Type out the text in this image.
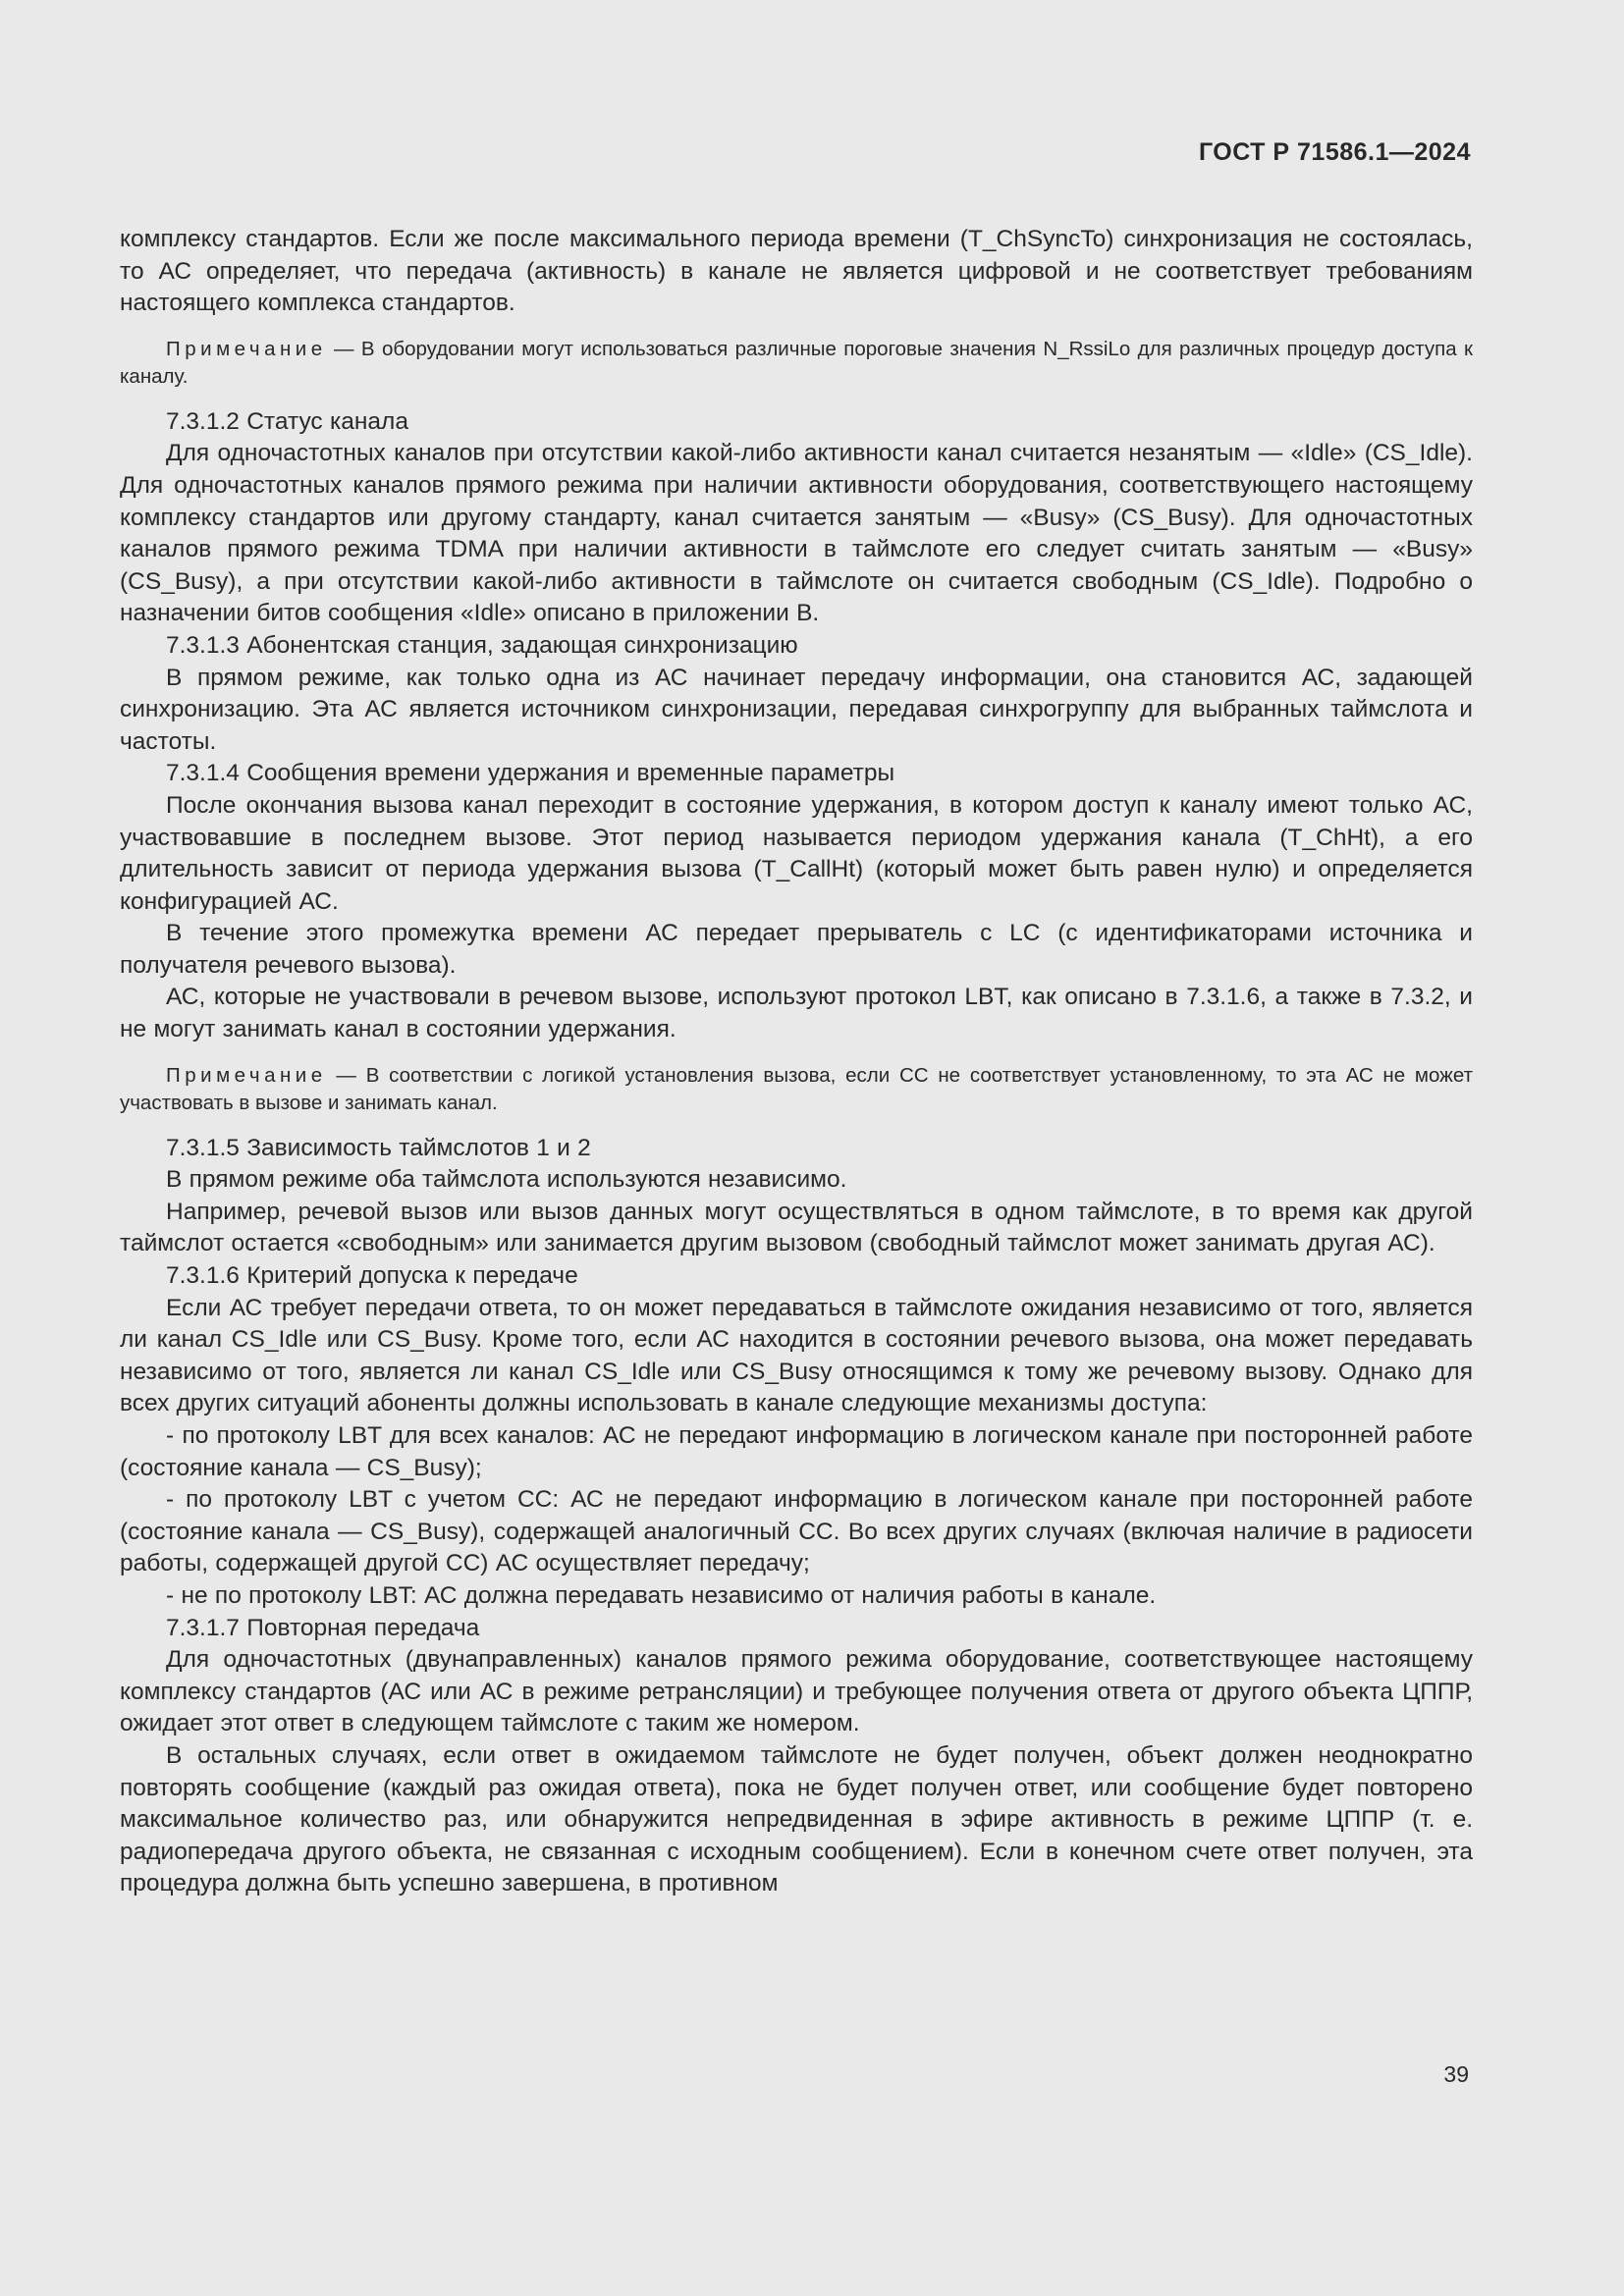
ГОСТ Р 71586.1—2024

комплексу стандартов. Если же после максимального периода времени (T_ChSyncTo) синхронизация не состоялась, то АС определяет, что передача (активность) в канале не является цифровой и не соответствует требованиям настоящего комплекса стандартов.

Примечание — В оборудовании могут использоваться различные пороговые значения N_RssiLo для различных процедур доступа к каналу.

7.3.1.2 Статус канала

Для одночастотных каналов при отсутствии какой-либо активности канал считается незанятым — «Idle» (CS_Idle). Для одночастотных каналов прямого режима при наличии активности оборудования, соответствующего настоящему комплексу стандартов или другому стандарту, канал считается занятым — «Busy» (CS_Busy). Для одночастотных каналов прямого режима TDMA при наличии активности в таймслоте его следует считать занятым — «Busy» (CS_Busy), а при отсутствии какой-либо активности в таймслоте он считается свободным (CS_Idle). Подробно о назначении битов сообщения «Idle» описано в приложении В.

7.3.1.3 Абонентская станция, задающая синхронизацию

В прямом режиме, как только одна из АС начинает передачу информации, она становится АС, задающей синхронизацию. Эта АС является источником синхронизации, передавая синхрогруппу для выбранных таймслота и частоты.

7.3.1.4 Сообщения времени удержания и временные параметры

После окончания вызова канал переходит в состояние удержания, в котором доступ к каналу имеют только АС, участвовавшие в последнем вызове. Этот период называется периодом удержания канала (T_ChHt), а его длительность зависит от периода удержания вызова (T_CallHt) (который может быть равен нулю) и определяется конфигурацией АС.

В течение этого промежутка времени АС передает прерыватель с LC (с идентификаторами источника и получателя речевого вызова).

АС, которые не участвовали в речевом вызове, используют протокол LBT, как описано в 7.3.1.6, а также в 7.3.2, и не могут занимать канал в состоянии удержания.

Примечание — В соответствии с логикой установления вызова, если СС не соответствует установленному, то эта АС не может участвовать в вызове и занимать канал.

7.3.1.5 Зависимость таймслотов 1 и 2

В прямом режиме оба таймслота используются независимо.

Например, речевой вызов или вызов данных могут осуществляться в одном таймслоте, в то время как другой таймслот остается «свободным» или занимается другим вызовом (свободный таймслот может занимать другая АС).

7.3.1.6 Критерий допуска к передаче

Если АС требует передачи ответа, то он может передаваться в таймслоте ожидания независимо от того, является ли канал CS_Idle или CS_Busy. Кроме того, если АС находится в состоянии речевого вызова, она может передавать независимо от того, является ли канал CS_Idle или CS_Busy относящимся к тому же речевому вызову. Однако для всех других ситуаций абоненты должны использовать в канале следующие механизмы доступа:

- по протоколу LBT для всех каналов: АС не передают информацию в логическом канале при посторонней работе (состояние канала — CS_Busy);

- по протоколу LBT с учетом СС: АС не передают информацию в логическом канале при посторонней работе (состояние канала — CS_Busy), содержащей аналогичный СС. Во всех других случаях (включая наличие в радиосети работы, содержащей другой СС) АС осуществляет передачу;

- не по протоколу LBT: АС должна передавать независимо от наличия работы в канале.

7.3.1.7 Повторная передача

Для одночастотных (двунаправленных) каналов прямого режима оборудование, соответствующее настоящему комплексу стандартов (АС или АС в режиме ретрансляции) и требующее получения ответа от другого объекта ЦППР, ожидает этот ответ в следующем таймслоте с таким же номером.

В остальных случаях, если ответ в ожидаемом таймслоте не будет получен, объект должен неоднократно повторять сообщение (каждый раз ожидая ответа), пока не будет получен ответ, или сообщение будет повторено максимальное количество раз, или обнаружится непредвиденная в эфире активность в режиме ЦППР (т. е. радиопередача другого объекта, не связанная с исходным сообщением). Если в конечном счете ответ получен, эта процедура должна быть успешно завершена, в противном

39
